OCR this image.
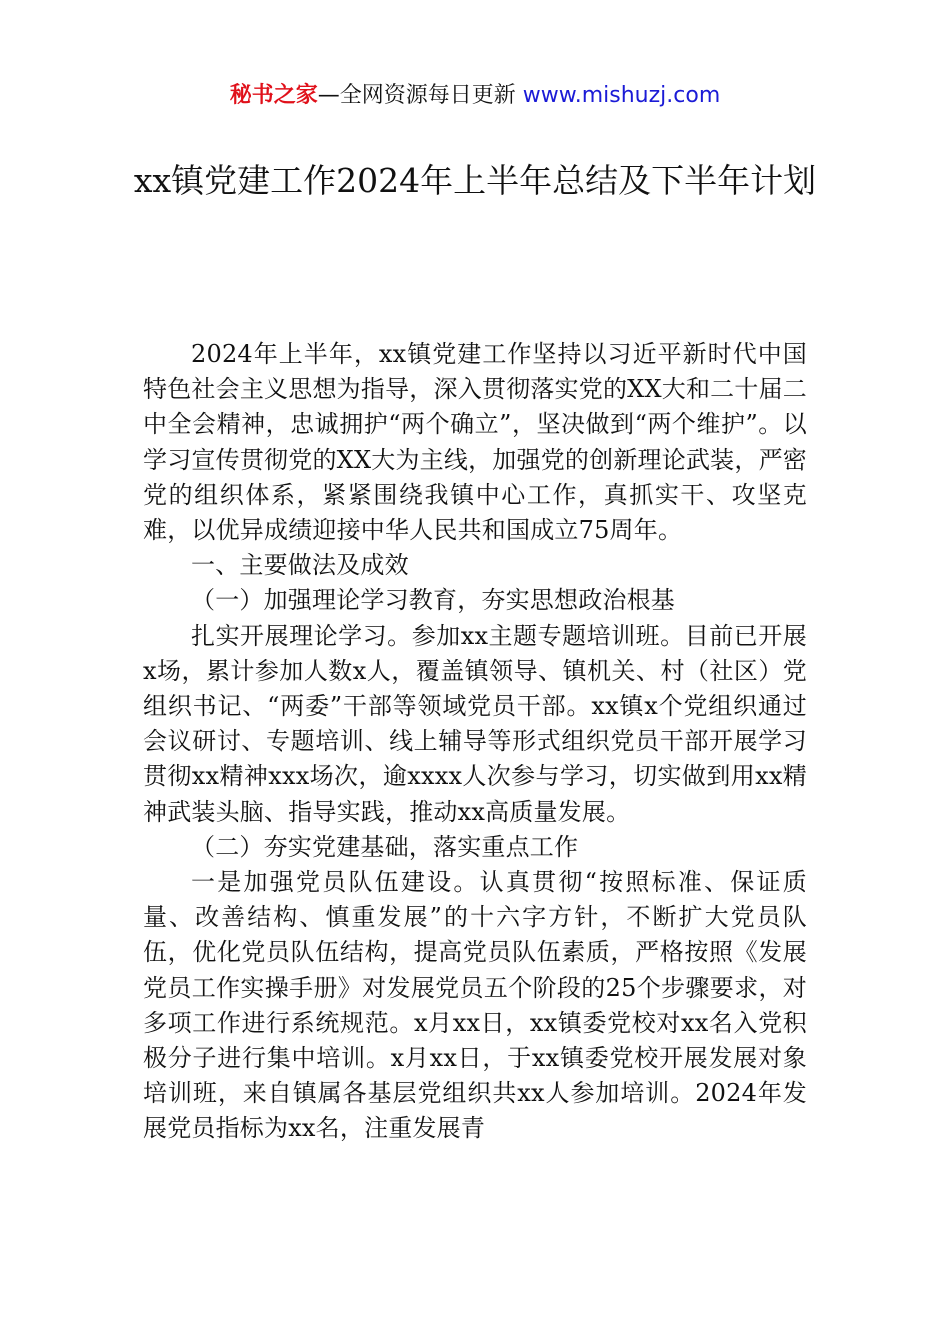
秘书之家—全网资源每日更新 www.mishuzj.com
xx镇党建工作2024年上半年总结及下半年计划

2024年上半年，xx镇党建工作坚持以习近平新时代中国特色社会主义思想为指导，深入贯彻落实党的XX大和二十届二中全会精神，忠诚拥护“两个确立”，坚决做到“两个维护”。以学习宣传贯彻党的XX大为主线，加强党的创新理论武装，严密党的组织体系，紧紧围绕我镇中心工作，真抓实干、攻坚克难，以优异成绩迎接中华人民共和国成立75周年。

一、主要做法及成效

（一）加强理论学习教育，夯实思想政治根基

扎实开展理论学习。参加xx主题专题培训班。目前已开展x场，累计参加人数x人，覆盖镇领导、镇机关、村（社区）党组织书记、“两委”干部等领域党员干部。xx镇x个党组织通过会议研讨、专题培训、线上辅导等形式组织党员干部开展学习贯彻xx精神xxx场次，逾xxxx人次参与学习，切实做到用xx精神武装头脑、指导实践，推动xx高质量发展。

（二）夯实党建基础，落实重点工作

一是加强党员队伍建设。认真贯彻“按照标准、保证质量、改善结构、慎重发展”的十六字方针，不断扩大党员队伍，优化党员队伍结构，提高党员队伍素质，严格按照《发展党员工作实操手册》对发展党员五个阶段的25个步骤要求，对多项工作进行系统规范。x月xx日，xx镇委党校对xx名入党积极分子进行集中培训。x月xx日，于xx镇委党校开展发展对象培训班，来自镇属各基层党组织共xx人参加培训。2024年发展党员指标为xx名，注重发展青
